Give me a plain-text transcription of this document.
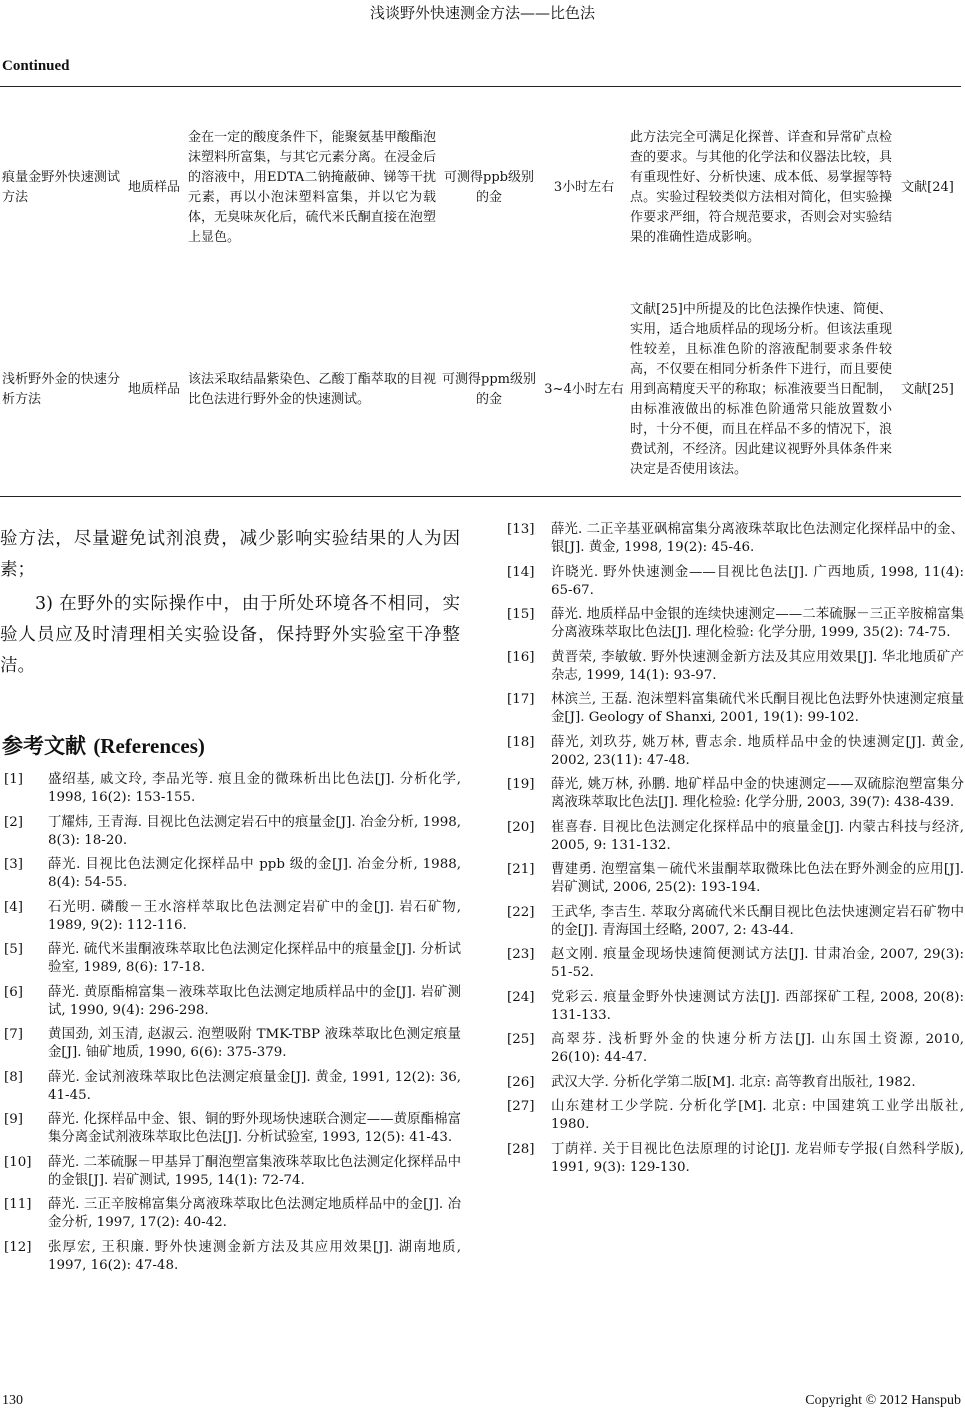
浅谈野外快速测金方法——比色法
Continued
痕量金野外快速测试方法	地质样品	金在一定的酸度条件下，能聚氨基甲酸酯泡沫塑料所富集，与其它元素分离。在浸金后的溶液中，用EDTA二钠掩蔽砷、锑等干扰元素，再以小泡沫塑料富集，并以它为载体，无臭味灰化后，硫代米氏酮直接在泡塑上显色。	可测得ppb级别的金	3小时左右	此方法完全可满足化探普、详查和异常矿点检查的要求。与其他的化学法和仪器法比较，具有重现性好、分析快速、成本低、易掌握等特点。实验过程较类似方法相对简化，但实验操作要求严细，符合规范要求，否则会对实验结果的准确性造成影响。	文献[24]
浅析野外金的快速分析方法	地质样品	该法采取结晶紫染色、乙酸丁酯萃取的目视比色法进行野外金的快速测试。	可测得ppm级别的金	3~4小时左右	文献[25]中所提及的比色法操作快速、简便、实用，适合地质样品的现场分析。但该法重现性较差，且标准色阶的溶液配制要求条件较高，不仅要在相同分析条件下进行，而且要使用到高精度天平的称取；标准液要当日配制，由标准液做出的标准色阶通常只能放置数小时，十分不便，而且在样品不多的情况下，浪费试剂，不经济。因此建议视野外具体条件来决定是否使用该法。	文献[25]

验方法，尽量避免试剂浪费，减少影响实验结果的人为因素；

3) 在野外的实际操作中，由于所处环境各不相同，实验人员应及时清理相关实验设备，保持野外实验室干净整洁。

参考文献 (References)
[1] 盛绍基, 戚文玲, 李品光等. 痕且金的微珠析出比色法[J]. 分析化学, 1998, 16(2): 153-155.
[2] 丁耀炜, 王青海. 目视比色法测定岩石中的痕量金[J]. 冶金分析, 1998, 8(3): 18-20.
[3] 薛光. 目视比色法测定化探样品中 ppb 级的金[J]. 冶金分析, 1988, 8(4): 54-55.
[4] 石光明. 磷酸－王水溶样萃取比色法测定岩矿中的金[J]. 岩石矿物, 1989, 9(2): 112-116.
[5] 薛光. 硫代米蚩酮液珠萃取比色法测定化探样品中的痕量金[J]. 分析试验室, 1989, 8(6): 17-18.
[6] 薛光. 黄原酯棉富集－液珠萃取比色法测定地质样品中的金[J]. 岩矿测试, 1990, 9(4): 296-298.
[7] 黄国劲, 刘玉清, 赵淑云. 泡塑吸附 TMK-TBP 液珠萃取比色测定痕量金[J]. 铀矿地质, 1990, 6(6): 375-379.
[8] 薛光. 金试剂液珠萃取比色法测定痕量金[J]. 黄金, 1991, 12(2): 36, 41-45.
[9] 薛光. 化探样品中金、银、铜的野外现场快速联合测定——黄原酯棉富集分离金试剂液珠萃取比色法[J]. 分析试验室, 1993, 12(5): 41-43.
[10] 薛光. 二苯硫脲－甲基异丁酮泡塑富集液珠萃取比色法测定化探样品中的金银[J]. 岩矿测试, 1995, 14(1): 72-74.
[11] 薛光. 三正辛胺棉富集分离液珠萃取比色法测定地质样品中的金[J]. 冶金分析, 1997, 17(2): 40-42.
[12] 张厚宏, 王积廉. 野外快速测金新方法及其应用效果[J]. 湖南地质, 1997, 16(2): 47-48.
[13] 薛光. 二正辛基亚砜棉富集分离液珠萃取比色法测定化探样品中的金、银[J]. 黄金, 1998, 19(2): 45-46.
[14] 许晓光. 野外快速测金——目视比色法[J]. 广西地质, 1998, 11(4): 65-67.
[15] 薛光. 地质样品中金银的连续快速测定——二苯硫脲－三正辛胺棉富集分离液珠萃取比色法[J]. 理化检验: 化学分册, 1999, 35(2): 74-75.
[16] 黄晋荣, 李敏敏. 野外快速测金新方法及其应用效果[J]. 华北地质矿产杂志, 1999, 14(1): 93-97.
[17] 林滨兰, 王磊. 泡沫塑料富集硫代米氏酮目视比色法野外快速测定痕量金[J]. Geology of Shanxi, 2001, 19(1): 99-102.
[18] 薛光, 刘玖芬, 姚万林, 曹志余. 地质样品中金的快速测定[J]. 黄金, 2002, 23(11): 47-48.
[19] 薛光, 姚万林, 孙鹏. 地矿样品中金的快速测定——双硫腙泡塑富集分离液珠萃取比色法[J]. 理化检验: 化学分册, 2003, 39(7): 438-439.
[20] 崔喜春. 目视比色法测定化探样品中的痕量金[J]. 内蒙古科技与经济, 2005, 9: 131-132.
[21] 曹建勇. 泡塑富集－硫代米蚩酮萃取微珠比色法在野外测金的应用[J]. 岩矿测试, 2006, 25(2): 193-194.
[22] 王武华, 李吉生. 萃取分离硫代米氏酮目视比色法快速测定岩石矿物中的金[J]. 青海国土经略, 2007, 2: 43-44.
[23] 赵文刚. 痕量金现场快速简便测试方法[J]. 甘肃冶金, 2007, 29(3): 51-52.
[24] 党彩云. 痕量金野外快速测试方法[J]. 西部探矿工程, 2008, 20(8): 131-133.
[25] 高翠芬. 浅析野外金的快速分析方法[J]. 山东国土资源, 2010, 26(10): 44-47.
[26] 武汉大学. 分析化学第二版[M]. 北京: 高等教育出版社, 1982.
[27] 山东建材工少学院. 分析化学[M]. 北京: 中国建筑工业学出版社, 1980.
[28] 丁荫祥. 关于目视比色法原理的讨论[J]. 龙岩师专学报(自然科学版), 1991, 9(3): 129-130.
130	Copyright © 2012 Hanspub
